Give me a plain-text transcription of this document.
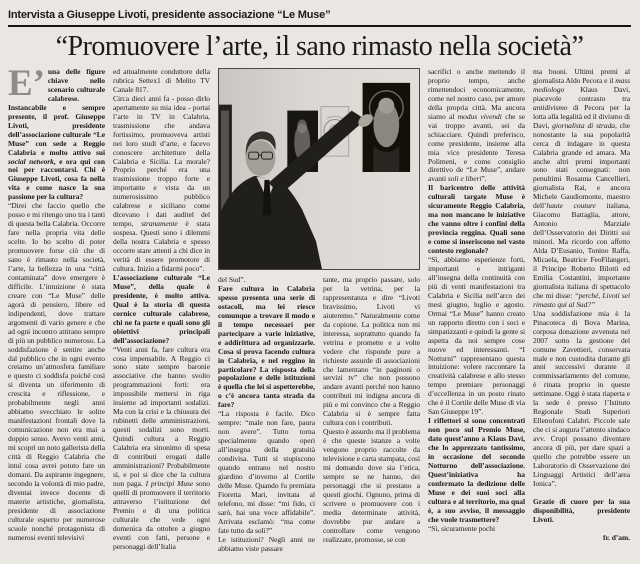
Intervista a Giuseppe Livoti, presidente associazione “Le Muse”
“Promuovere l’arte, il sano rimasto nella società”
E’ una delle figure chiave nello scenario culturale calabrese. Instancabile e sempre presente, il prof. Giuseppe Livoti, presidente dell’associazione culturale “Le Muse” con sede a Reggio Calabria e molto attivo sui social network, e ora qui con noi per raccontarsi. Chi è Giuseppe Livoti, cosa fa nella vita e come nasce la sua passione per la cultura?

“Direi che faccio quello che posso e mi ritengo uno tra i tanti di questa bella Calabria. Occorre fare nella propria vita delle scelte. Io ho scelto di poter promuovere forse ciò che di sano è rimasto nella società, l’arte, la bellezza in una “città contaminata” dove emergere è difficile. L’intuizione è stata creare con “Le Muse” delle agorà di pensiero, libere ed indipendenti, dove trattare argomenti di vario genere e che ad ogni incontro attirano sempre di più un pubblico numeroso. La soddisfazione è sentire anche dal pubblico che in ogni evento creiamo un’atmosfera familiare e questo ci soddisfa poiché così si diventa un riferimento di crescita e riflessione, e probabilmente negli anni abbiamo svecchiato le solite manifestazioni frontali dove la comunicazione non era mai a doppio senso. Avevo venti anni, mi scoprì un noto gallerista della città di Reggio Calabria che intuì cosa avrei potuto fare un domani. Da aspirante ingegnere, secondo la volontà di mio padre, diventai invece docente di materie artistiche, giornalista, presidente di associazione culturale esperto per numerose scuole nonché protagonista di numerosi eventi televisivi

ed attualmente conduttore della rubrica Settex1 di Melito TV Canale 817.

Circa dieci anni fa - posso dirlo apertamente su mia idea - portai l’arte in TV in Calabria, trasmissione che andava fortissimo, promuoveva artisti nei loro studi d’arte, e facevo conoscere architetture della Calabria e Sicilia. La morale? Proprio perché era una trasmissione troppo forte e importante e vista da un numerosissimo pubblico calabrese e siciliano come dicevano i dati auditel del tempo, stranamente è stata sospesa. Questi sono i dilemmi della nostra Calabria e spesso occorre stare attenti a chi dice in verità di essere promotore di cultura. Inizio a fidarmi poco”.

L’associazione culturale “Le Muse”, della quale è presidente, è molto attiva. Qual è la storia di questa cornice culturale calabrese, chi ne fa parte e quali sono gli obiettivi principali dell’associazione?

“Venti anni fa, fare cultura era cosa impensabile. A Reggio ci sono state sempre baronie associative che hanno svolto programmazioni forti: era impossibile mettersi in riga insieme ad importanti sodalizi. Ma con la crisi e la chiusura dei rubinetti delle amministrazioni, questi sodalizi sono morti. Quindi cultura a Reggio Calabria era sinonimo di spesa di contributi erogati dalle amministrazioni? Probabilmente sì, e poi si dice che la cultura non paga. I principi Muse sono quelli di promuovere il territorio attraverso l’istituzione del Premio e di una politica culturale che vede ogni domenica da ottobre a giugno eventi con fatti, persone e personaggi dell’Italia

del Sud”.

Fare cultura in Calabria spesso presenta una serie di ostacoli, ma lei riesce comunque a trovare il modo e il tempo necessari per partecipare a varie iniziative, e addirittura ad organizzarle. Cosa si prova facendo cultura in Calabria, e nel reggino in particolare? La risposta della popolazione e delle istituzioni è quella che lei si aspetterebbe, o c’è ancora tanta strada da fare?

“La risposta è facile. Dico sempre: “male non fare, paura non avere”. Tutto torna specialmente quando operi all’insegna della gratuità condivisa. Tutti si stupiscono quando entrano nel nostro giardino d’inverno al Cortile delle Muse. Quando fu premiata Fioretta Mari, invitata al telefono, mi disse: “mi fido, ci sarò, hai una voce affidabile”. Arrivata esclamò: “ma come fate tutto da soli?”

Le istituzioni? Negli anni ne abbiamo viste passare

tante, ma proprio passare, solo per la vetrina, per la rappresentanza e dire “Livoti bravissimo, Livoti vi aiuteremo.” Naturalmente come da copione. La politica non mi interessa, soprattutto quando fa vetrina e promette e a volte vedere che risponde pure a richieste assurde di associazioni che lamentano “in paginoni o servizi tv” che non possono andare avanti perché non hanno contributi mi indigna ancora di più e mi convinco che a Reggio Calabria si è sempre fatta cultura con i contributi.

Questo è assurdo ma il problema è che queste istanze a volte vengono proprio raccolte da televisione e carta stampata, così mi domando dove sia l’etica, sempre se ne hanno, dei personaggi che si prestano a questi giochi. Ognuno, prima di scrivere o promuovere con i media determinate attività, dovrebbe pur andare a controllare come vengono realizzate, promosse, se con

sacrifici o anche mettendo il proprio tempo, anche rimettendoci economicamente, come nel nostro caso, per amore della propria città. Ma ancora siamo al modus vivendi che se vai troppo avanti, sei da schiacciare. Quindi preferisco, come presidente, insieme alla mia vice presidente Teresa Polimeni, e come consiglio direttivo de “Le Muse”, andare avanti soli e liberi”.

Il baricentro delle attività culturali targate Muse è sicuramente Reggio Calabria, ma non mancano le iniziative che vanno oltre i confini della provincia reggina. Quali sono e come si inseriscono nel vasto contesto regionale?

“Sì, abbiamo esperienze forti, importanti e intriganti all’insegna della continuità con più di venti manifestazioni tra Calabria e Sicilia nell’arco dei mesi giugno, luglio e agosto. Ormai “Le Muse” hanno creato un rapporto diretto con i soci e simpatizzanti e quindi la gente si aspetta da noi sempre cose nuove ed interessanti. “I Notturni” rappresentano questa intuizione: volere raccontare la creatività calabrese e allo stesso tempo premiare personaggi d’eccellenza in un posto rinato che è il Cortile delle Muse di via San Giuseppe 19”.

I riflettori si sono concentrati non poco sul Premio Muse, dato quest’anno a Klaus Davi, che lo apprezzato tantissimo, in occasione del secondo Notturno dell’associazione. Quest’iniziativa ha confermato la dedizione delle Muse e dei suoi soci alla cultura e al territorio, ma qual è, a suo avviso, il messaggio che vuole trasmettere?

“Sì, sicuramente pochi

ma buoni. Ultimi premi al giornalista Aldo Pecora e il mass mediologo Klaus Davi, piacevole contrasto tra antidivismo di Pecora per la lotta alla legalità ed il divismo di Davi, giornalista di strada, che nonostante la sua popolarità cerca di indagare in questa Calabria grande ed amara. Ma anche altri premi importanti sono stati consegnati: non penultimi Rosanna Cancellieri, giornalista Rai, e ancora Michele Gaudiomonte, maestro dell’haute couture italiana, Giacomo Battaglia, attore, Antonio Marziale dell’Osservatorio dei Diritti sui minori. Ma ricordo con affetto Alda D’Eusanio, Tonino Raffa, Micaela, Beatrice FeoFilangeri, il Principe Roberto Bilotti ed Emilia Costantini, importante giornalista italiana di spettacolo che mi disse: “perché, Livoti sei rimasto qui al Sud?”

Una soddisfazione mia è la Pinacoteca di Bova Marina, corposa donazione avvenuta nel 2007 sotto la gestione del comune Zavettieri, conservata male e non custodita durante gli anni successivi durante il commissariamento del comune, è rinata proprio in queste settimane. Oggi è stata riaperta e la sede è presso l’Istituto Regionale Studi Superiori Ellenofoni Calabri. Piccole sale che ci si augura l’attento sindaco avv. Crupi possano diventare ancora di più, per dare spazi a quello che potrebbe essere un Laboratorio di Osservazione dei Linguaggi Artistici dell’area Ionica”.

Grazie di cuore per la sua disponibilità, presidente Livoti.

fr. d’am.
